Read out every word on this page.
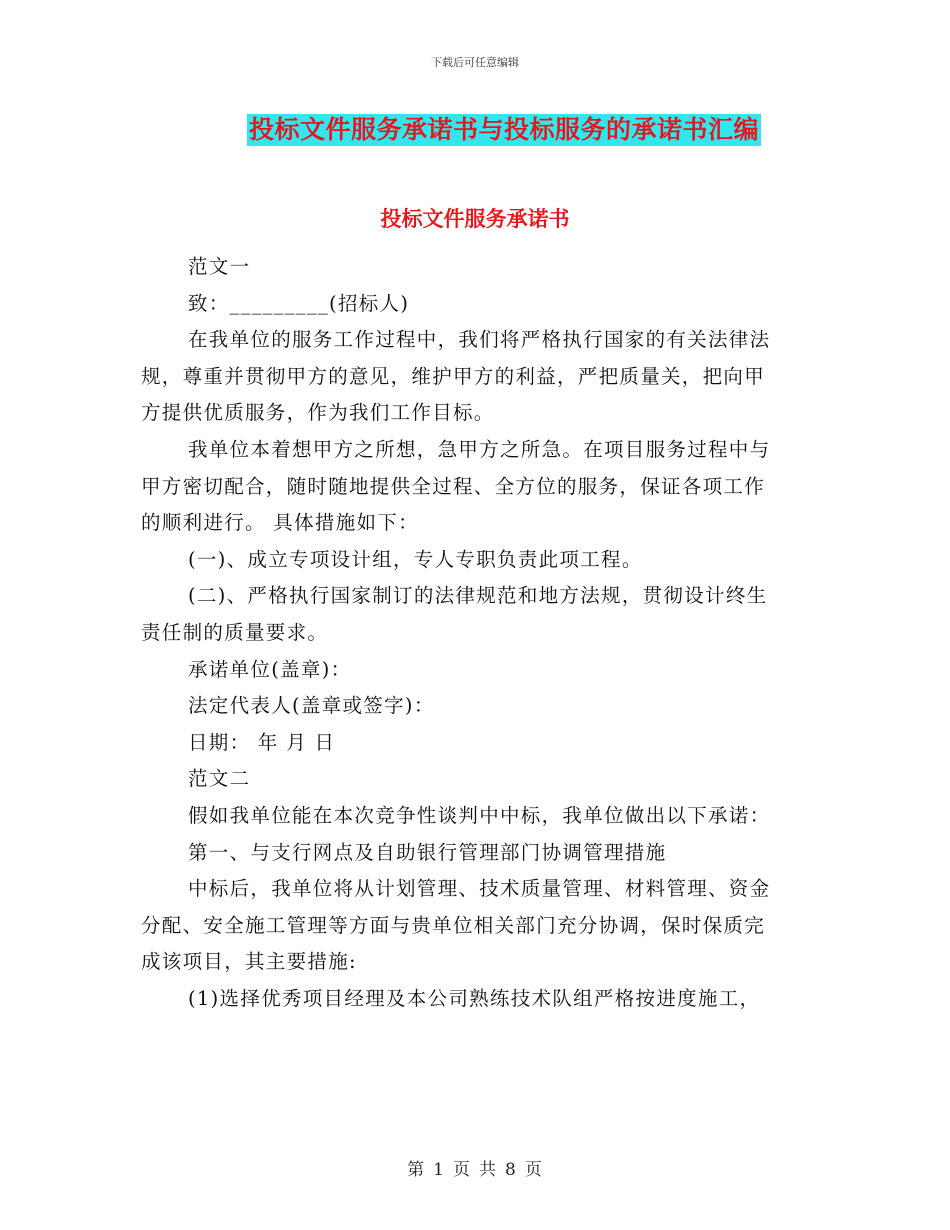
下载后可任意编辑
投标文件服务承诺书与投标服务的承诺书汇编
投标文件服务承诺书

范文一

致：_________(招标人)

在我单位的服务工作过程中，我们将严格执行国家的有关法律法

规，尊重并贯彻甲方的意见，维护甲方的利益，严把质量关，把向甲

方提供优质服务，作为我们工作目标。

我单位本着想甲方之所想，急甲方之所急。在项目服务过程中与

甲方密切配合，随时随地提供全过程、全方位的服务，保证各项工作

的顺利进行。 具体措施如下：

(一)、成立专项设计组，专人专职负责此项工程。

(二)、严格执行国家制订的法律规范和地方法规，贯彻设计终生

责任制的质量要求。

承诺单位(盖章)：

法定代表人(盖章或签字)：

日期： 年 月 日

范文二

假如我单位能在本次竞争性谈判中中标，我单位做出以下承诺：

第一、与支行网点及自助银行管理部门协调管理措施

中标后，我单位将从计划管理、技术质量管理、材料管理、资金

分配、安全施工管理等方面与贵单位相关部门充分协调，保时保质完

成该项目，其主要措施:

(1)选择优秀项目经理及本公司熟练技术队组严格按进度施工，

第 1 页 共 8 页
